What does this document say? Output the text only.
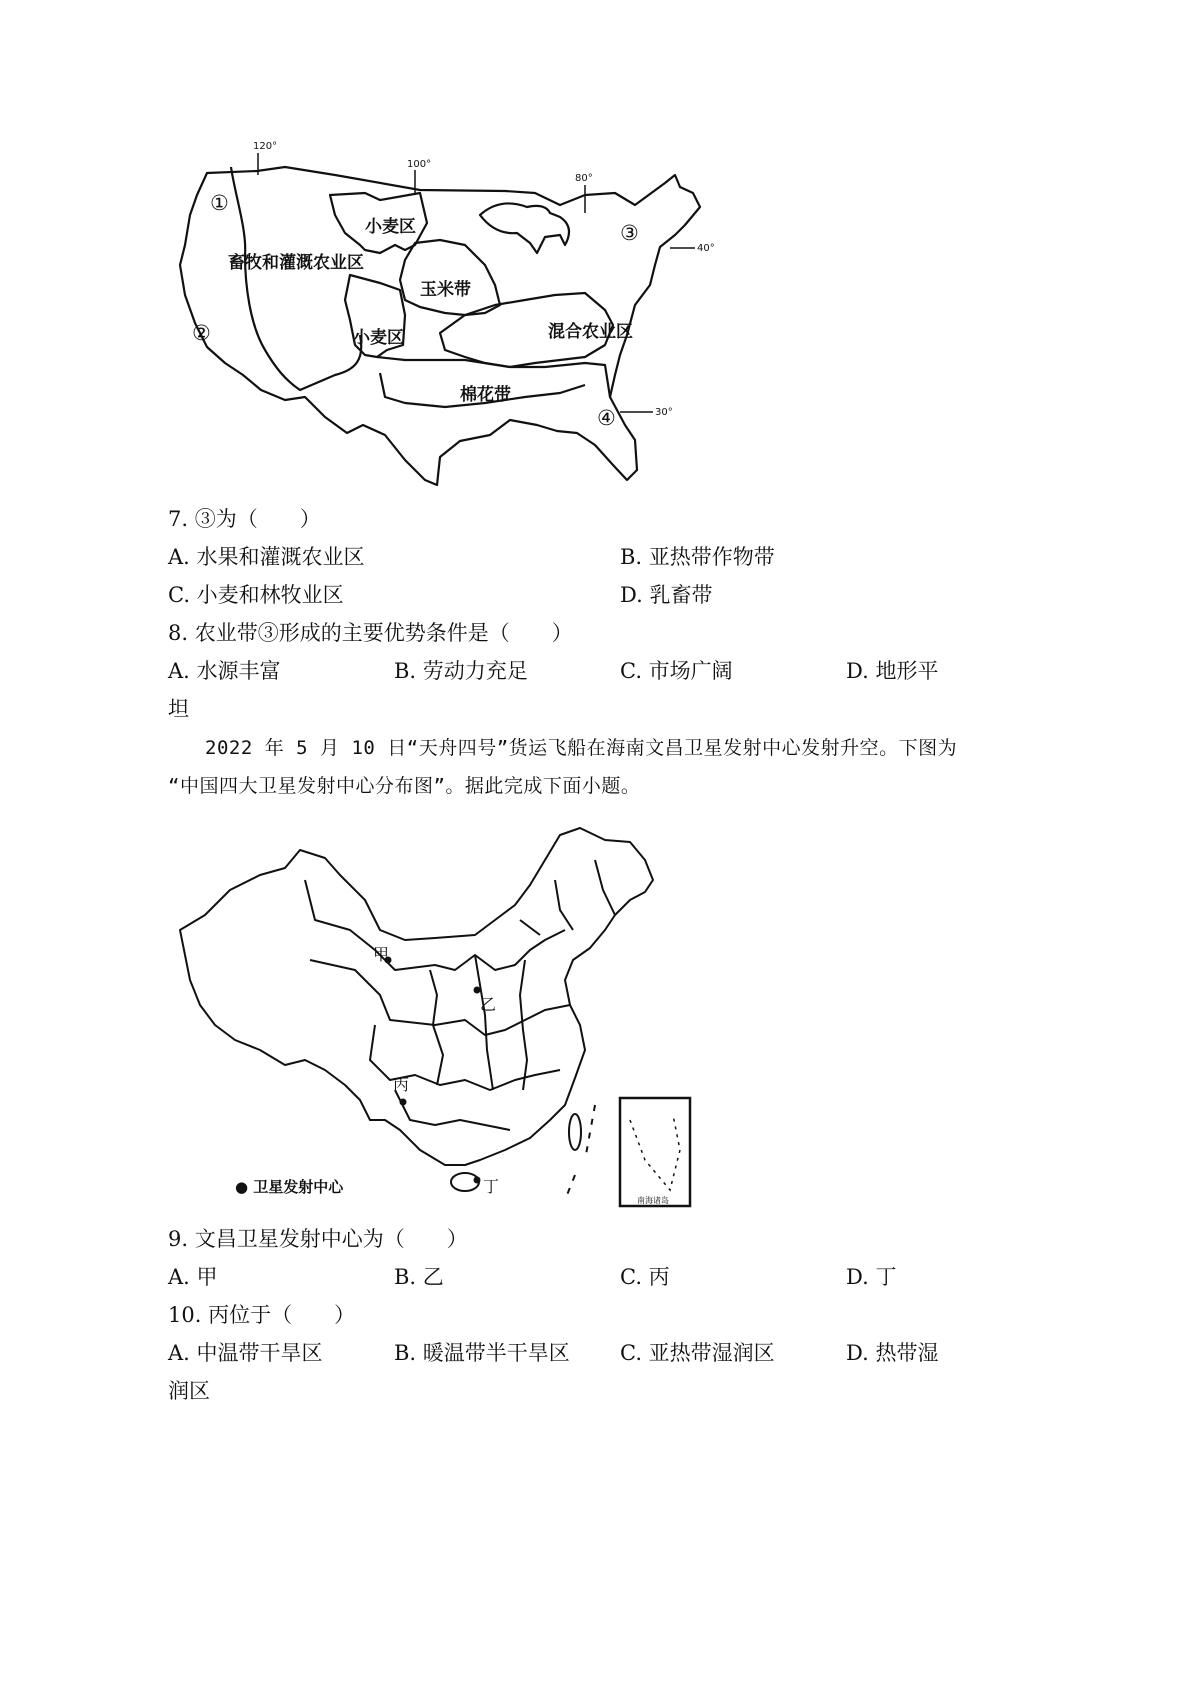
120°
100°
80°
40°
30°
①
②
③
④
畜牧和灌溉农业区
小麦区
玉米带
小麦区	混合农业区
棉花带
7. ③为（　　）
A. 水果和灌溉农业区	B. 亚热带作物带
C. 小麦和林牧业区	D. 乳畜带
8. 农业带③形成的主要优势条件是（　　）
A. 水源丰富	B. 劳动力充足	C. 市场广阔	D. 地形平
坦
2022 年 5 月 10 日“天舟四号”货运飞船在海南文昌卫星发射中心发射升空。下图为
“中国四大卫星发射中心分布图”。据此完成下面小题。
南海诸岛
甲
乙
丙
丁
● 卫星发射中心
9. 文昌卫星发射中心为（　　）
A. 甲	B. 乙	C. 丙	D. 丁
10. 丙位于（　　）
A. 中温带干旱区	B. 暖温带半干旱区 C. 亚热带湿润区	D. 热带湿
润区
